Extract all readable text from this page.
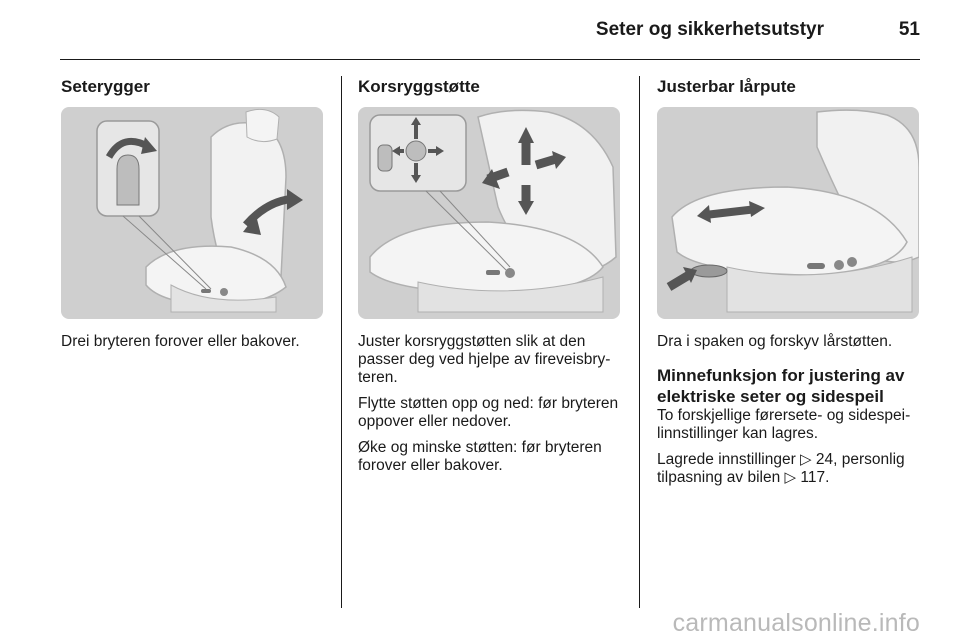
Seter og sikkerhetsutstyr	51
Seterygger
Drei bryteren forover eller bakover.
Korsryggstøtte

Juster korsryggstøtten slik at den passer deg ved hjelpe av fireveisbry-teren.

Flytte støtten opp og ned: før bryteren oppover eller nedover.

Øke og minske støtten: før bryteren forover eller bakover.

Justerbar lårpute

Dra i spaken og forskyv lårstøtten.

Minnefunksjon for justering av elektriske seter og sidespeil

To forskjellige førersete- og sidespei-linnstillinger kan lagres.

Lagrede innstillinger ▷ 24, personlig tilpasning av bilen ▷ 117.

carmanualsonline.info
